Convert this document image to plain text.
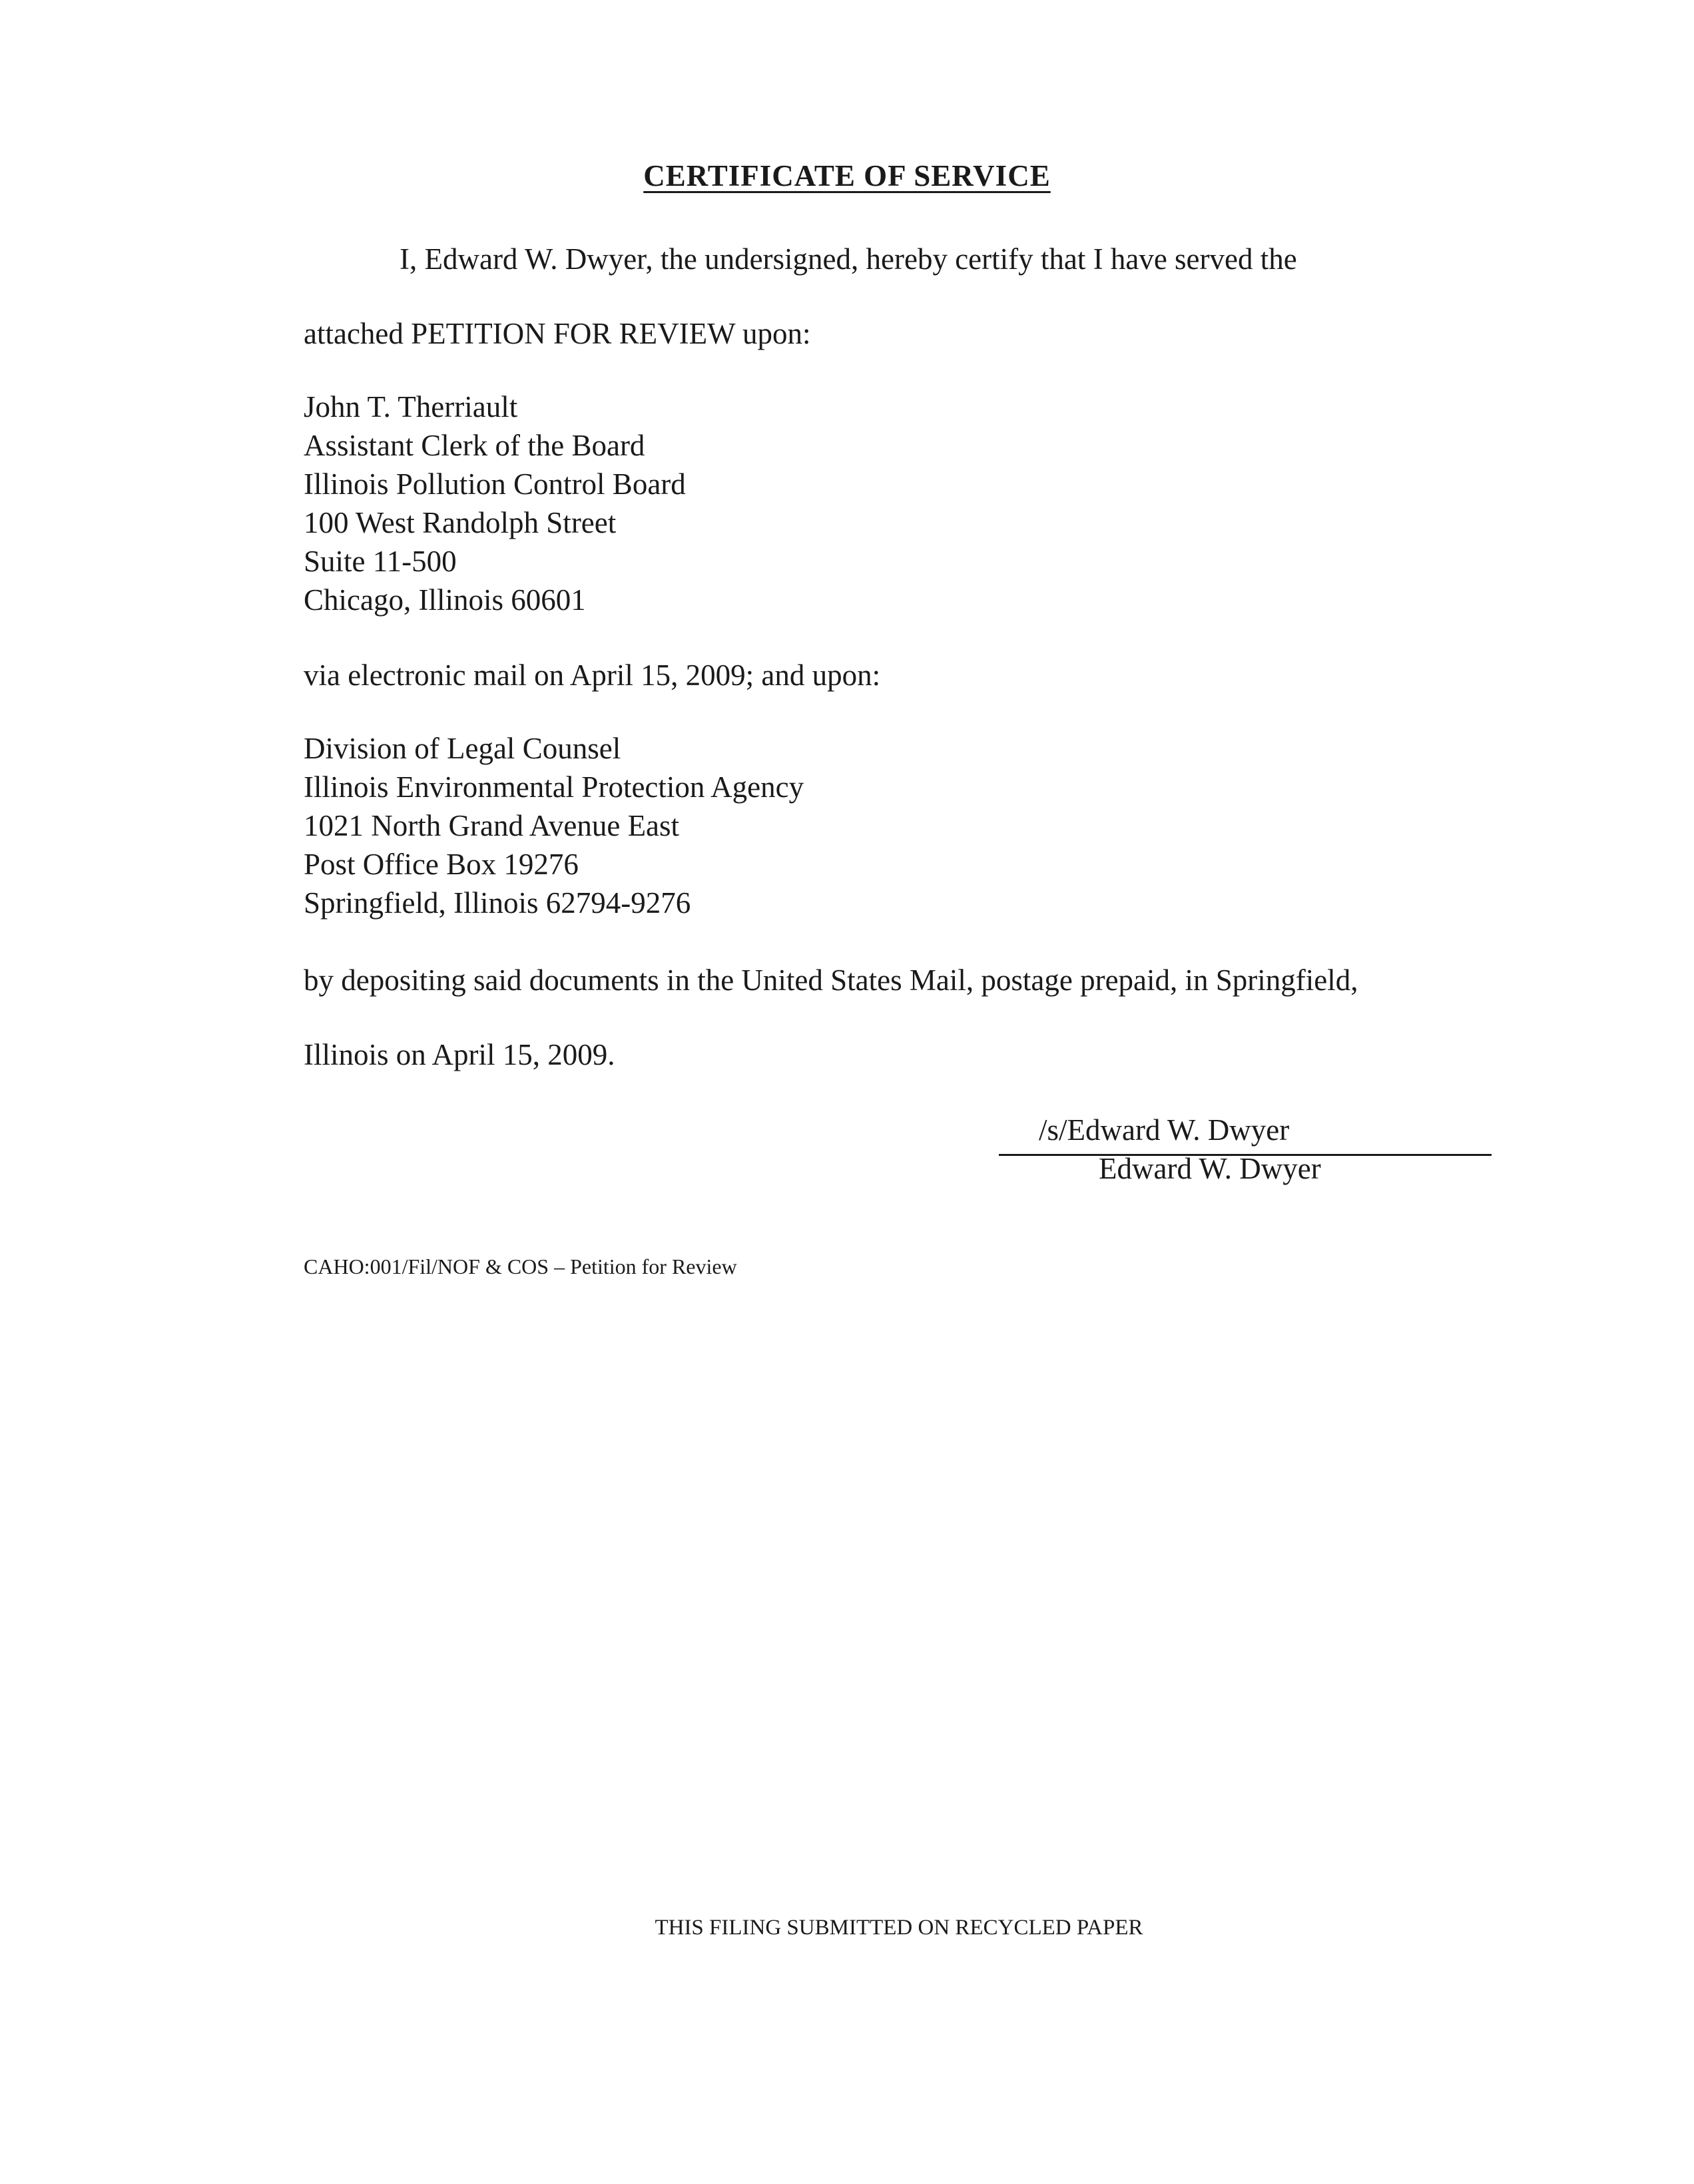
CERTIFICATE OF SERVICE
I, Edward W. Dwyer, the undersigned, hereby certify that I have served the
attached PETITION FOR REVIEW upon:
John T. Therriault
Assistant Clerk of the Board
Illinois Pollution Control Board
100 West Randolph Street
Suite 11-500
Chicago, Illinois 60601
via electronic mail on April 15, 2009; and upon:
Division of Legal Counsel
Illinois Environmental Protection Agency
1021 North Grand Avenue East
Post Office Box 19276
Springfield, Illinois 62794-9276
by depositing said documents in the United States Mail, postage prepaid, in Springfield,
Illinois on April 15, 2009.
/s/Edward W. Dwyer
Edward W. Dwyer
CAHO:001/Fil/NOF & COS – Petition for Review
THIS FILING SUBMITTED ON RECYCLED PAPER
